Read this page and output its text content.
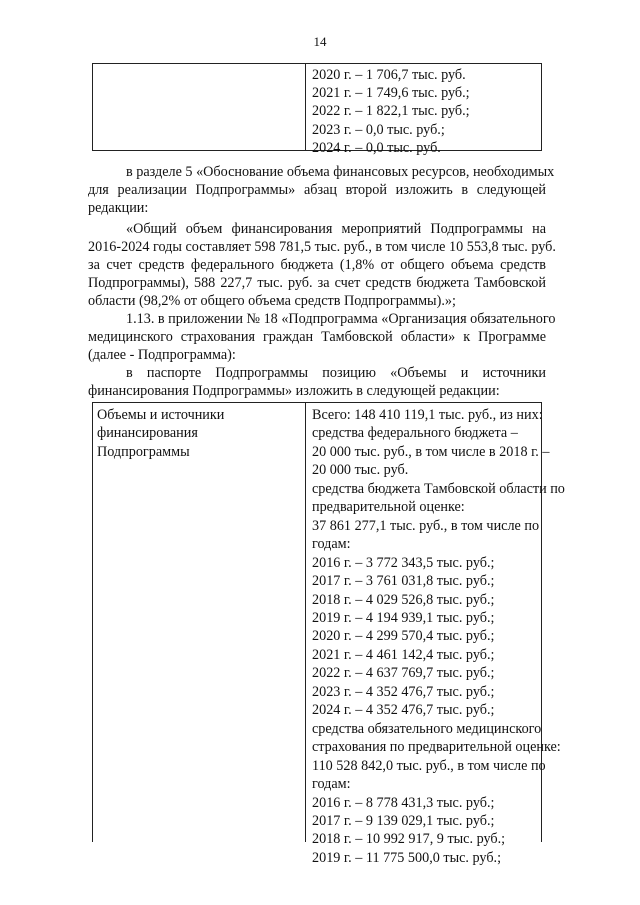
14
2020 г. – 1 706,7 тыс. руб.
2021 г. – 1 749,6 тыс. руб.;
2022 г. – 1 822,1 тыс. руб.;
2023 г. – 0,0 тыс. руб.;
2024 г. – 0,0 тыс. руб.
в разделе 5 «Обоснование объема финансовых ресурсов, необходимых
для реализации Подпрограммы» абзац второй изложить в следующей
редакции:
«Общий объем финансирования мероприятий Подпрограммы на
2016-2024 годы составляет 598 781,5 тыс. руб., в том числе 10 553,8 тыс. руб.
за счет средств федерального бюджета (1,8% от общего объема средств
Подпрограммы), 588 227,7 тыс. руб. за счет средств бюджета Тамбовской
области (98,2% от общего объема средств Подпрограммы).»;
1.13. в приложении № 18 «Подпрограмма «Организация обязательного
медицинского страхования граждан Тамбовской области» к Программе
(далее - Подпрограмма):
в паспорте Подпрограммы позицию «Объемы и источники
финансирования Подпрограммы» изложить в следующей редакции:
Объемы и источники
финансирования
Подпрограммы
Всего: 148 410 119,1 тыс. руб., из них:
средства федерального бюджета –
20 000 тыс. руб., в том числе в 2018 г. –
20 000 тыс. руб.
средства бюджета Тамбовской области по
предварительной оценке:
37 861 277,1 тыс. руб., в том числе по
годам:
2016 г. – 3 772 343,5 тыс. руб.;
2017 г. – 3 761 031,8 тыс. руб.;
2018 г. – 4 029 526,8 тыс. руб.;
2019 г. – 4 194 939,1 тыс. руб.;
2020 г. – 4 299 570,4 тыс. руб.;
2021 г. – 4 461 142,4 тыс. руб.;
2022 г. – 4 637 769,7 тыс. руб.;
2023 г. – 4 352 476,7 тыс. руб.;
2024 г. – 4 352 476,7 тыс. руб.;
средства обязательного медицинского
страхования по предварительной оценке:
110 528 842,0 тыс. руб., в том числе по
годам:
2016 г. – 8 778 431,3 тыс. руб.;
2017 г. – 9 139 029,1 тыс. руб.;
2018 г. – 10 992 917, 9 тыс. руб.;
2019 г. – 11 775 500,0 тыс. руб.;
